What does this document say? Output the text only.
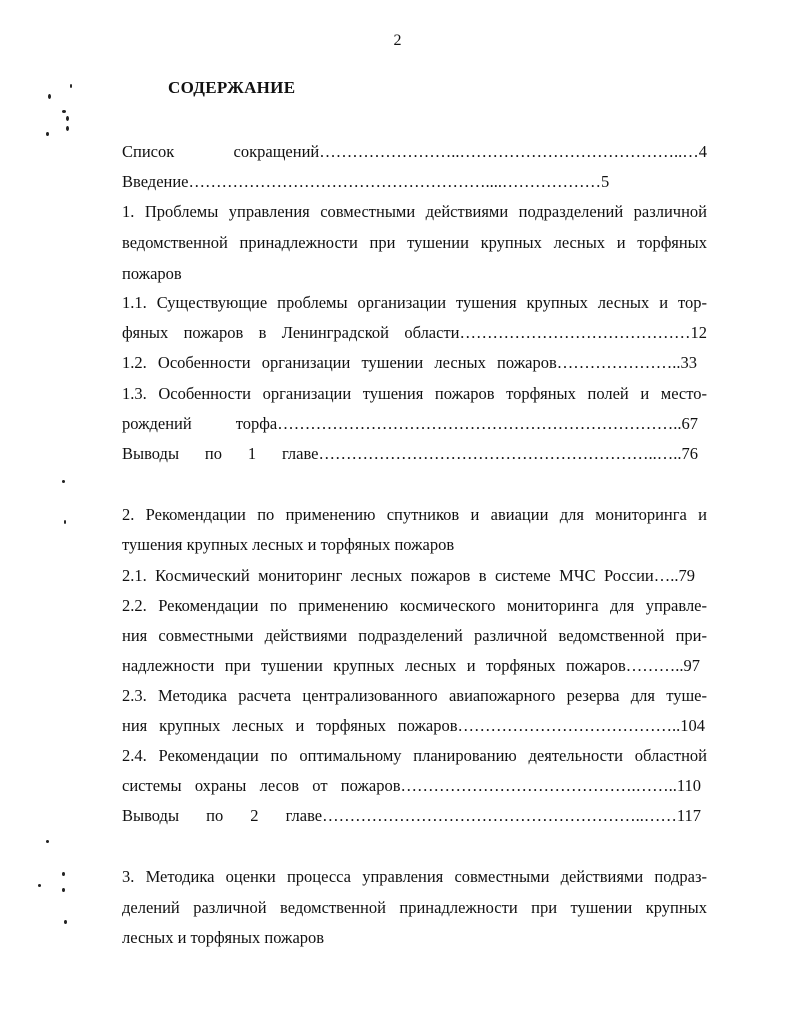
2
СОДЕРЖАНИЕ
Список сокращений……………………..…………………………………..…4
Введение………………………………………………....………………5
1. Проблемы управления совместными действиями подразделений различной
ведомственной принадлежности при тушении крупных лесных и торфяных
пожаров
1.1. Существующие проблемы организации тушения крупных лесных и тор-
фяных пожаров в Ленинградской области……………………………………12
1.2. Особенности организации тушении лесных пожаров…………………..33
1.3. Особенности организации тушения пожаров торфяных полей и место-
рождений торфа………………………………………………………………..67
Выводы по 1 главе……………………………………………………..…..76
2. Рекомендации по применению спутников и авиации для мониторинга и
тушения крупных лесных и торфяных пожаров
2.1. Космический мониторинг лесных пожаров в системе МЧС России…..79
2.2. Рекомендации по применению космического мониторинга для управле-
ния совместными действиями подразделений различной ведомственной при-
надлежности при тушении крупных лесных и торфяных пожаров………..97
2.3. Методика расчета централизованного авиапожарного резерва для туше-
ния крупных лесных и торфяных пожаров…………………………………..104
2.4. Рекомендации по оптимальному планированию деятельности областной
системы охраны лесов от пожаров…………………………………….……..110
Выводы по 2 главе…………………………………………………..……117
3. Методика оценки процесса управления совместными действиями подраз-
делений различной ведомственной принадлежности при тушении крупных
лесных и торфяных пожаров
